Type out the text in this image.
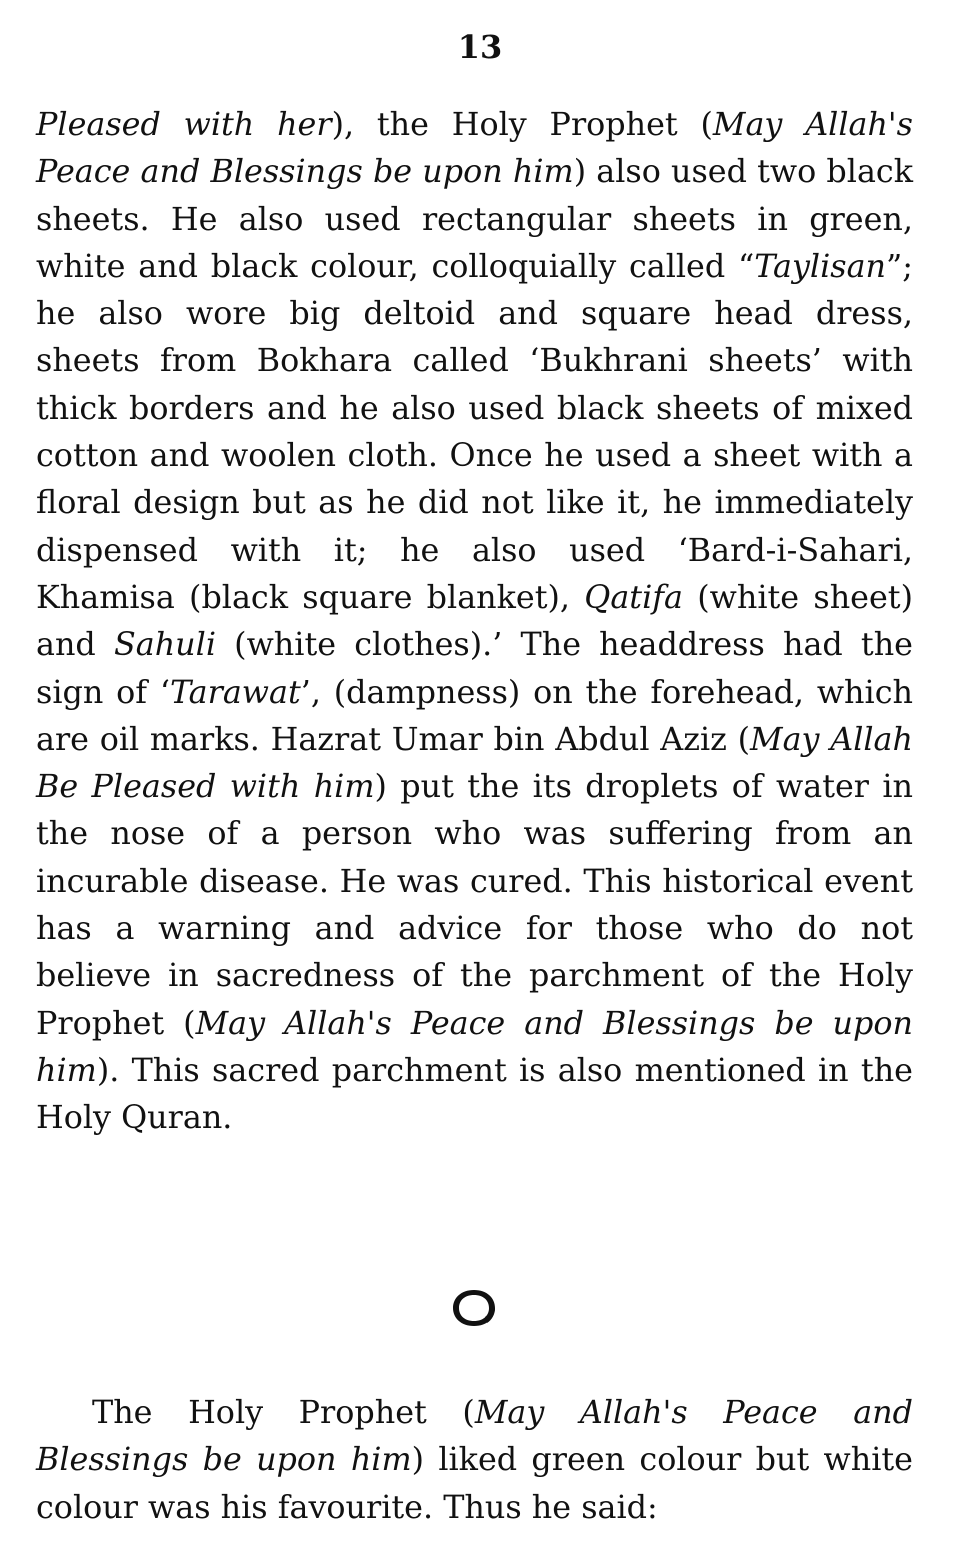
13

Pleased with her), the Holy Prophet (May Allah's Peace and Blessings be upon him) also used two black sheets. He also used rectangular sheets in green, white and black colour, colloquially called “Taylisan”; he also wore big deltoid and square head dress, sheets from Bokhara called ‘Bukhrani sheets’ with thick borders and he also used black sheets of mixed cotton and woolen cloth. Once he used a sheet with a floral design but as he did not like it, he immediately dispensed with it; he also used ‘Bard-i-Sahari, Khamisa (black square blanket), Qatifa (white sheet) and Sahuli (white clothes).’ The headdress had the sign of ‘Tarawat’, (dampness) on the forehead, which are oil marks. Hazrat Umar bin Abdul Aziz (May Allah Be Pleased with him) put the its droplets of water in the nose of a person who was suffering from an incurable disease. He was cured. This historical event has a warning and advice for those who do not believe in sacredness of the parchment of the Holy Prophet (May Allah's Peace and Blessings be upon him). This sacred parchment is also mentioned in the Holy Quran.

The Holy Prophet (May Allah's Peace and Blessings be upon him) liked green colour but white colour was his favourite. Thus he said:
